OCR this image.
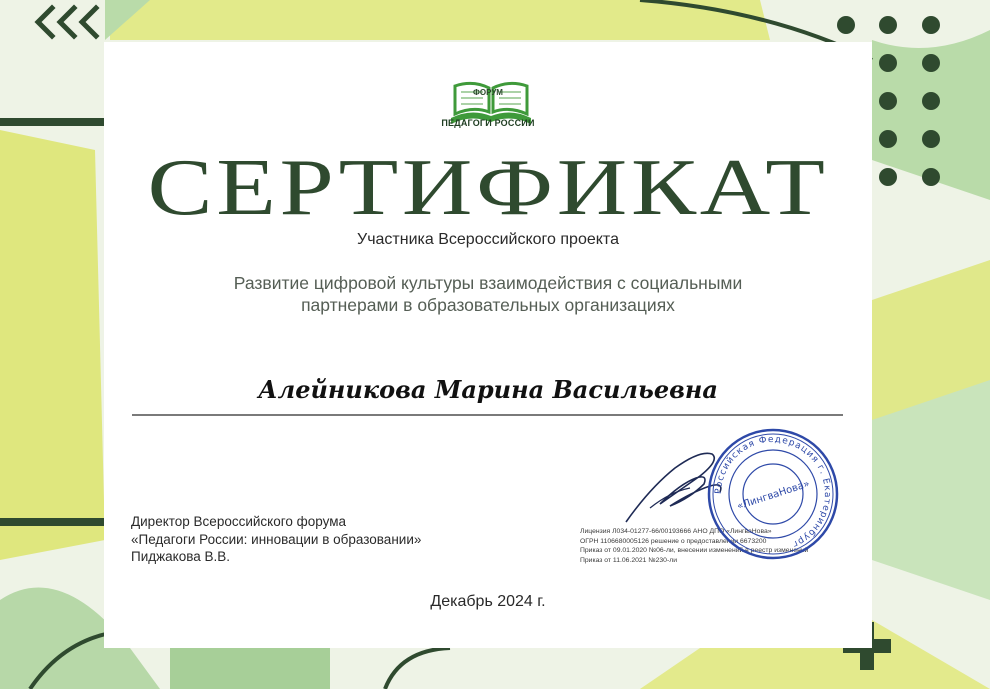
ФОРУМ
ПЕДАГОГИ РОССИИ
СЕРТИФИКАТ
Участника Всероссийского проекта
Развитие цифровой культуры взаимодействия с социальными
партнерами в образовательных организациях
Алейникова Марина Васильевна
Директор Всероссийского форума
«Педагоги России: инновации в образовании»
Пиджакова В.В.
Лицензия Л034-01277-66/00193666 АНО ДПО «ЛингваНова»
ОГРН 1106680005126 решение о предоставлении 6673200
Приказ от 09.01.2020 №06-ли, внесении изменений в реестр изменений
Приказ от 11.06.2021 №230-ли
Российская Федерация г. Екатеринбург
«ЛингваНова»
Декабрь 2024 г.
